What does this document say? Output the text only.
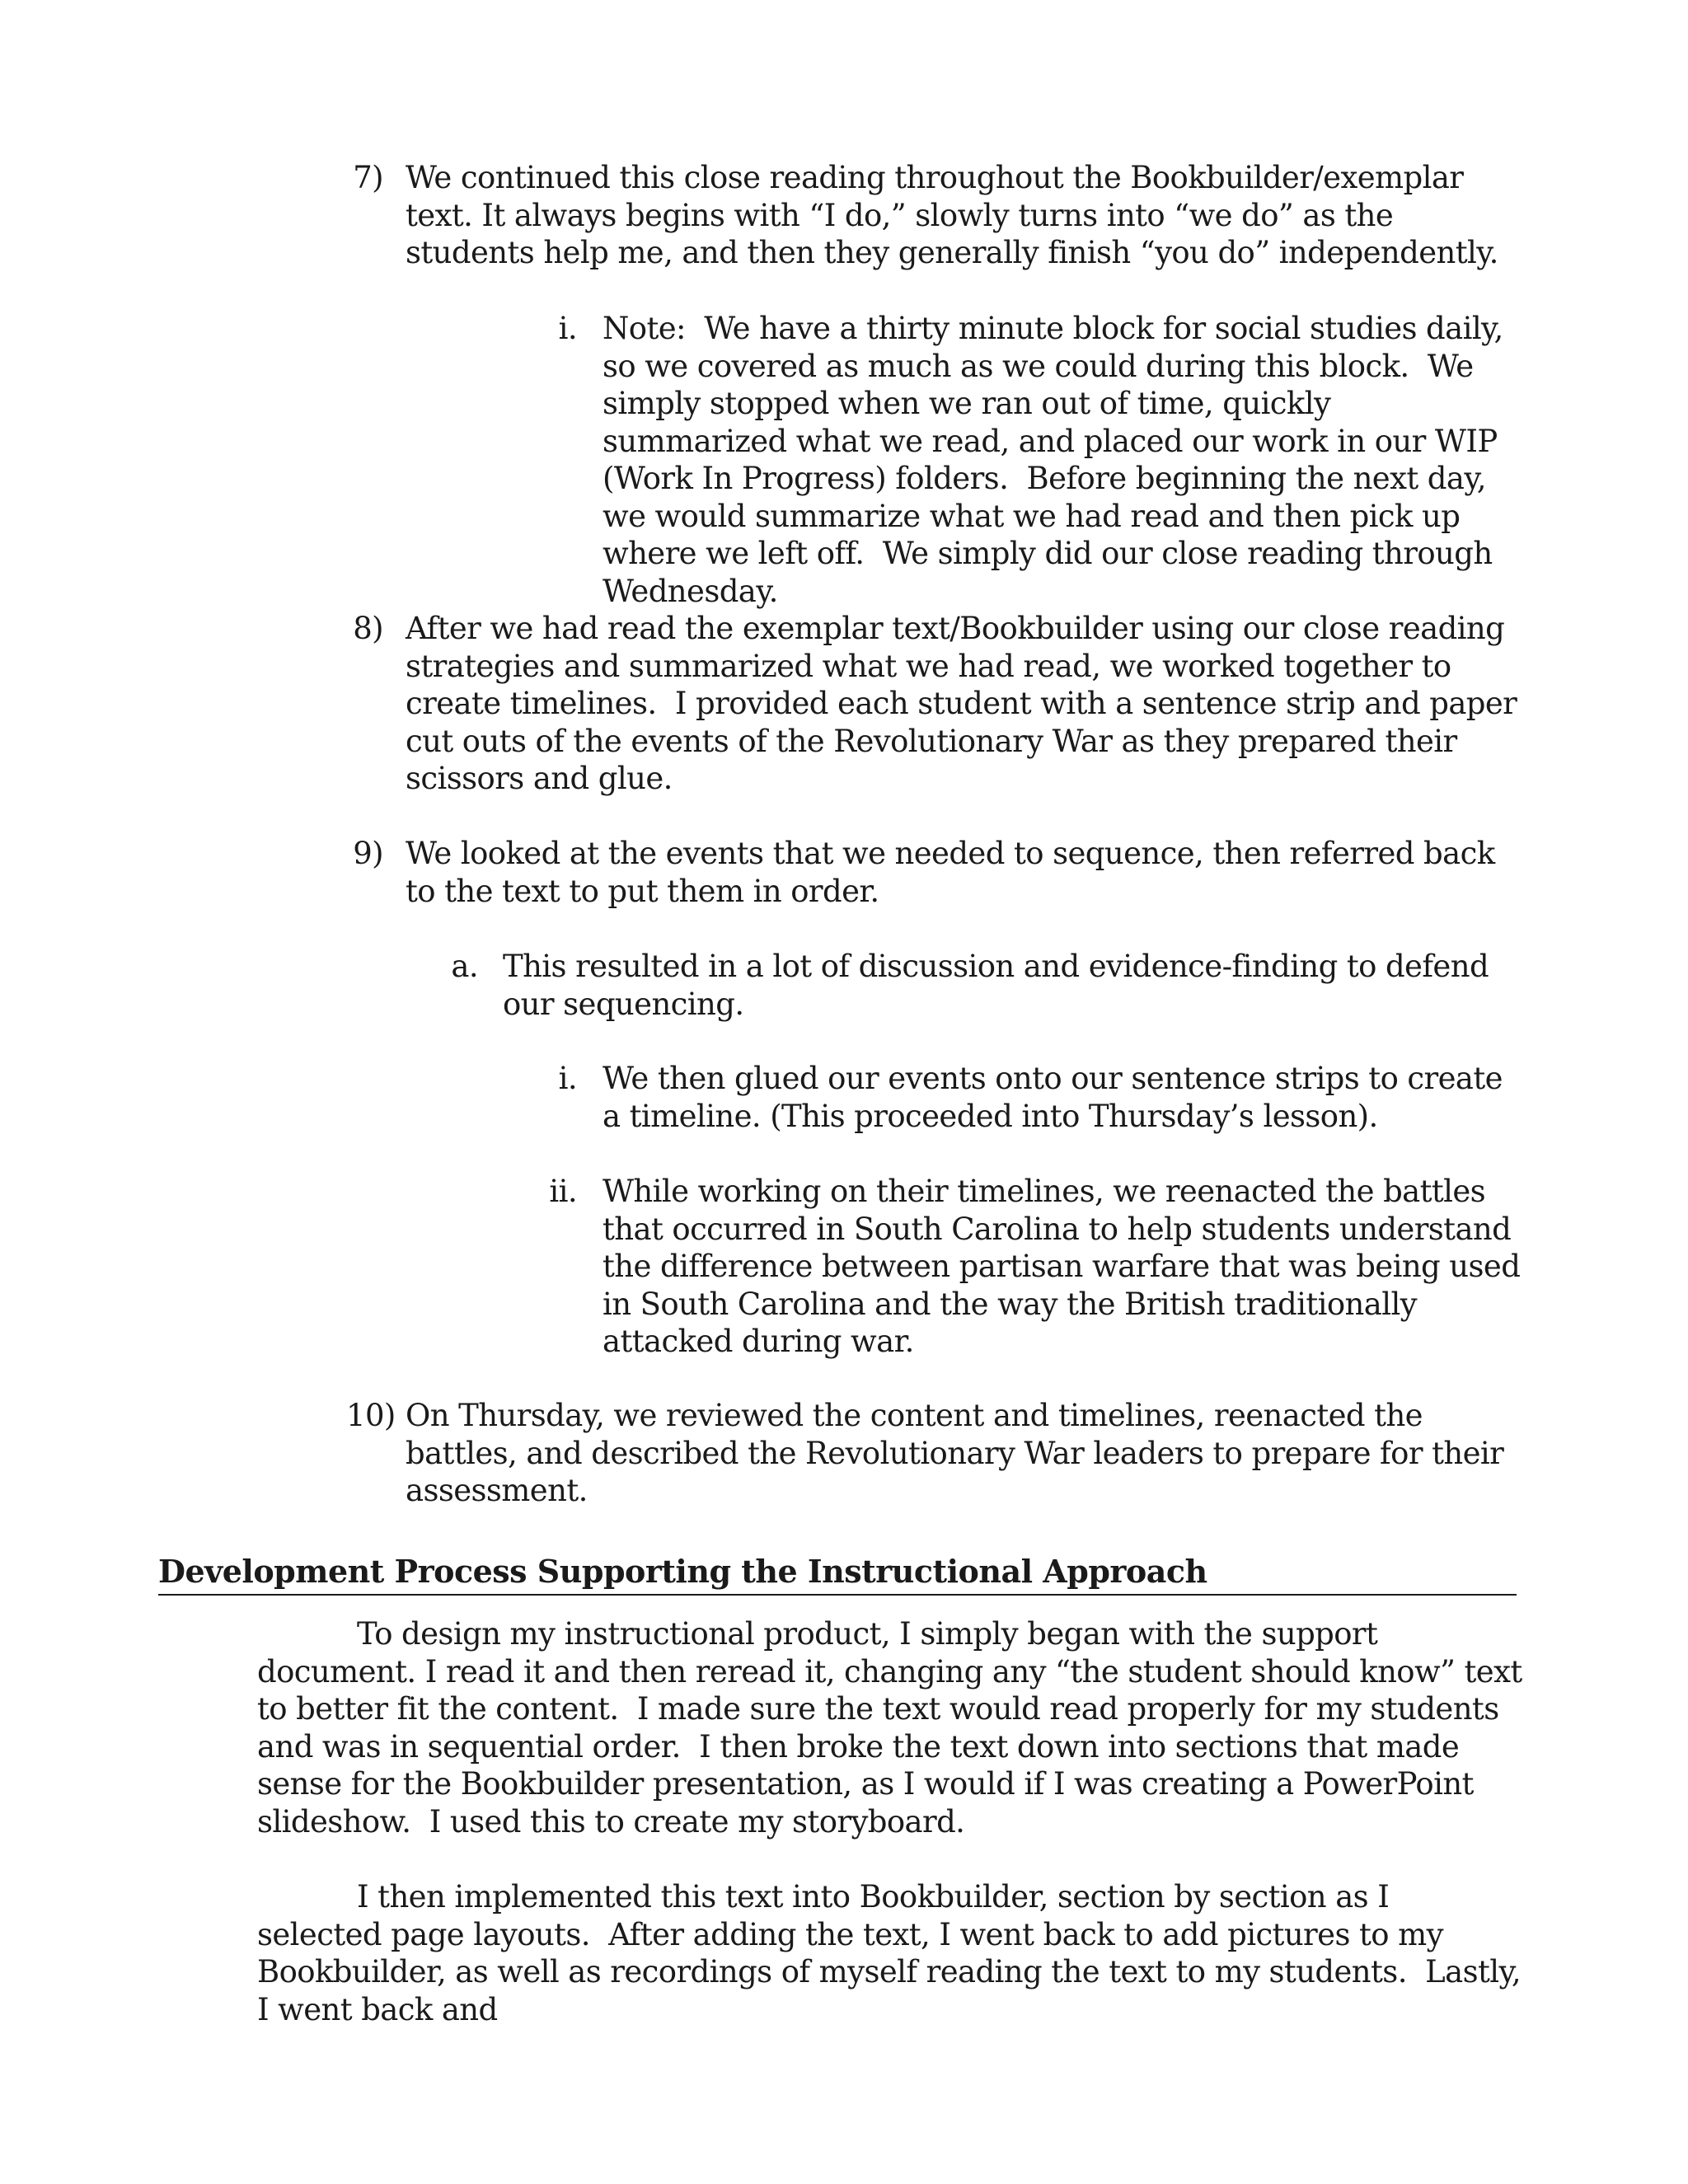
7) We continued this close reading throughout the Bookbuilder/exemplar text. It always begins with “I do,” slowly turns into “we do” as the students help me, and then they generally finish “you do” independently.
i. Note:  We have a thirty minute block for social studies daily, so we covered as much as we could during this block.  We simply stopped when we ran out of time, quickly summarized what we read, and placed our work in our WIP (Work In Progress) folders.  Before beginning the next day, we would summarize what we had read and then pick up where we left off.  We simply did our close reading through Wednesday.
8) After we had read the exemplar text/Bookbuilder using our close reading strategies and summarized what we had read, we worked together to create timelines.  I provided each student with a sentence strip and paper cut outs of the events of the Revolutionary War as they prepared their scissors and glue.
9) We looked at the events that we needed to sequence, then referred back to the text to put them in order.
a. This resulted in a lot of discussion and evidence-finding to defend our sequencing.
i. We then glued our events onto our sentence strips to create a timeline. (This proceeded into Thursday’s lesson).
ii. While working on their timelines, we reenacted the battles that occurred in South Carolina to help students understand the difference between partisan warfare that was being used in South Carolina and the way the British traditionally attacked during war.
10) On Thursday, we reviewed the content and timelines, reenacted the battles, and described the Revolutionary War leaders to prepare for their assessment.
Development Process Supporting the Instructional Approach
To design my instructional product, I simply began with the support document. I read it and then reread it, changing any “the student should know” text to better fit the content.  I made sure the text would read properly for my students and was in sequential order.  I then broke the text down into sections that made sense for the Bookbuilder presentation, as I would if I was creating a PowerPoint slideshow.  I used this to create my storyboard.
I then implemented this text into Bookbuilder, section by section as I selected page layouts.  After adding the text, I went back to add pictures to my Bookbuilder, as well as recordings of myself reading the text to my students.  Lastly, I went back and
